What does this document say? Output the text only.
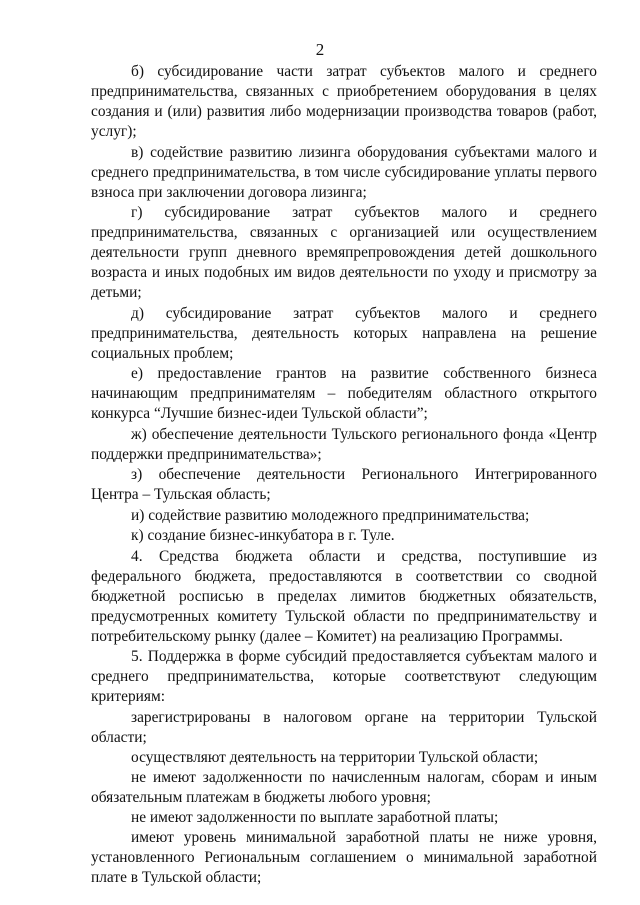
2

б) субсидирование части затрат субъектов малого и среднего предпринимательства, связанных с приобретением оборудования в целях создания и (или) развития либо модернизации производства товаров (работ, услуг);

в) содействие развитию лизинга оборудования субъектами малого и среднего предпринимательства, в том числе субсидирование уплаты первого взноса при заключении договора лизинга;

г) субсидирование затрат субъектов малого и среднего предпринимательства, связанных с организацией или осуществлением деятельности групп дневного времяпрепровождения детей дошкольного возраста и иных подобных им видов деятельности по уходу и присмотру за детьми;

д) субсидирование затрат субъектов малого и среднего предпринимательства, деятельность которых направлена на решение социальных проблем;

е) предоставление грантов на развитие собственного бизнеса начинающим предпринимателям – победителям областного открытого конкурса “Лучшие бизнес-идеи Тульской области”;

ж) обеспечение деятельности Тульского регионального фонда «Центр поддержки предпринимательства»;

з) обеспечение деятельности Регионального Интегрированного Центра – Тульская область;

и) содействие развитию молодежного предпринимательства;

к) создание бизнес-инкубатора в г. Туле.

4. Средства бюджета области и средства, поступившие из федерального бюджета, предоставляются в соответствии со сводной бюджетной росписью в пределах лимитов бюджетных обязательств, предусмотренных комитету Тульской области по предпринимательству и потребительскому рынку (далее – Комитет) на реализацию Программы.

5. Поддержка в форме субсидий предоставляется субъектам малого и среднего предпринимательства, которые соответствуют следующим критериям:

зарегистрированы в налоговом органе на территории Тульской области;

осуществляют деятельность на территории Тульской области;

не имеют задолженности по начисленным налогам, сборам и иным обязательным платежам в бюджеты любого уровня;

не имеют задолженности по выплате заработной платы;

имеют уровень минимальной заработной платы не ниже уровня, установленного Региональным соглашением о минимальной заработной плате в Тульской области;
